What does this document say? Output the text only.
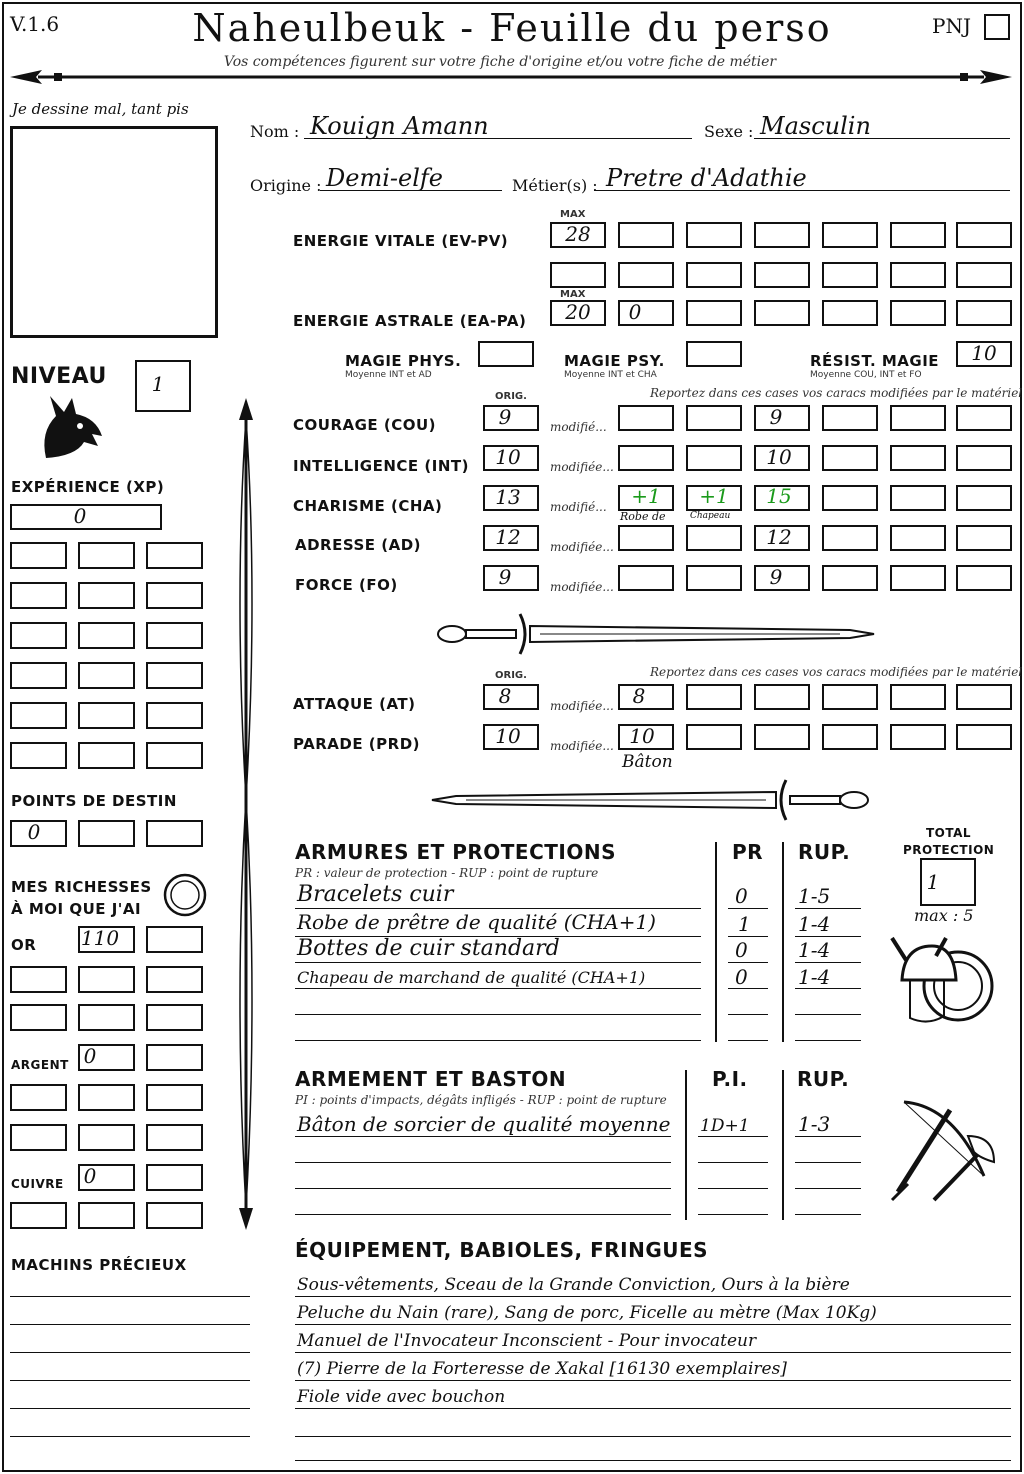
V.1.6	Naheulbeuk - Feuille du perso
Vos compétences figurent sur votre fiche d'origine et/ou votre fiche de métier
PNJ
Je dessine mal, tant pis
Nom : Kouign Amann	Sexe : Masculin
Origine : Demi-elfe	Métier(s) : Pretre d'Adathie
MAX
ENERGIE VITALE (EV-PV)	28
MAX
ENERGIE ASTRALE (EA-PA)	20	0
MAGIE PHYS.
Moyenne INT et AD
MAGIE PSY.
Moyenne INT et CHA
RÉSIST. MAGIE
Moyenne COU, INT et FO
10
NIVEAU	1
EXPÉRIENCE (XP)
0
POINTS DE DESTIN
0
MES RICHESSES
À MOI QUE J'AI
OR 110
ARGENT 0
CUIVRE 0
MACHINS PRÉCIEUX
ORIG.	Reportez dans ces cases vos caracs modifiées par le matériel
COURAGE (COU)	9	modifié...	9
INTELLIGENCE (INT)	10	modifiée...	10
CHARISME (CHA)	13	modifié...	+1	+1	15
Robe de	Chapeau
ADRESSE (AD)	12	modifiée...	12
FORCE (FO)	9	modifiée...	9
ORIG.	Reportez dans ces cases vos caracs modifiées par le matériel
ATTAQUE (AT)	8	modifiée... 8
PARADE (PRD)	10	modifiée... 10
Bâton
ARMURES ET PROTECTIONS
PR : valeur de protection - RUP : point de rupture
PR RUP.
Bracelets cuir	0	1-5
Robe de prêtre de qualité (CHA+1)	1 1-4
Bottes de cuir standard	0	1-4
Chapeau de marchand de qualité (CHA+1)	0	1-4
TOTAL
PROTECTION
1
max : 5
ARMEMENT ET BASTON
PI : points d'impacts, dégâts infligés - RUP : point de rupture
P.I. RUP.
Bâton de sorcier de qualité moyenne 1D+1 1-3
ÉQUIPEMENT, BABIOLES, FRINGUES
Sous-vêtements, Sceau de la Grande Conviction, Ours à la bière
Peluche du Nain (rare), Sang de porc, Ficelle au mètre (Max 10Kg)
Manuel de l'Invocateur Inconscient - Pour invocateur
(7) Pierre de la Forteresse de Xakal [16130 exemplaires]
Fiole vide avec bouchon
